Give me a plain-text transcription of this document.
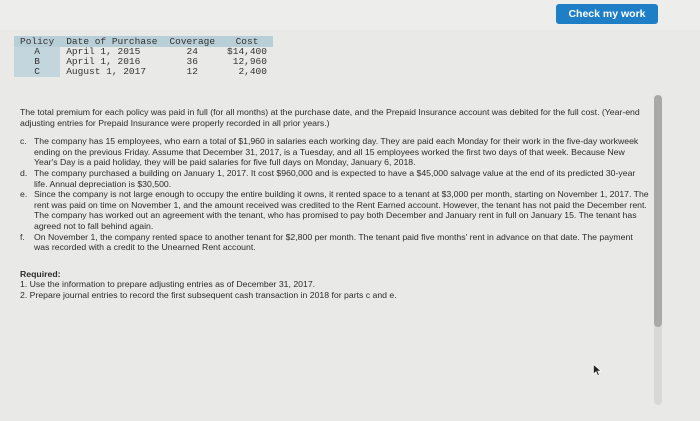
Check my work
Policy	Date of Purchase	Coverage	Cost
A	April 1, 2015	24	$14,400
B	April 1, 2016	36	12,960
C	August 1, 2017	12	2,400

The total premium for each policy was paid in full (for all months) at the purchase date, and the Prepaid Insurance account was debited for the full cost. (Year-end adjusting entries for Prepaid Insurance were properly recorded in all prior years.)

c. The company has 15 employees, who earn a total of $1,960 in salaries each working day. They are paid each Monday for their work in the five-day workweek ending on the previous Friday. Assume that December 31, 2017, is a Tuesday, and all 15 employees worked the first two days of that week. Because New Year's Day is a paid holiday, they will be paid salaries for five full days on Monday, January 6, 2018.
d. The company purchased a building on January 1, 2017. It cost $960,000 and is expected to have a $45,000 salvage value at the end of its predicted 30-year life. Annual depreciation is $30,500.
e. Since the company is not large enough to occupy the entire building it owns, it rented space to a tenant at $3,000 per month, starting on November 1, 2017. The rent was paid on time on November 1, and the amount received was credited to the Rent Earned account. However, the tenant has not paid the December rent. The company has worked out an agreement with the tenant, who has promised to pay both December and January rent in full on January 15. The tenant has agreed not to fall behind again.
f. On November 1, the company rented space to another tenant for $2,800 per month. The tenant paid five months' rent in advance on that date. The payment was recorded with a credit to the Unearned Rent account.

Required:

1. Use the information to prepare adjusting entries as of December 31, 2017.

2. Prepare journal entries to record the first subsequent cash transaction in 2018 for parts c and e.
